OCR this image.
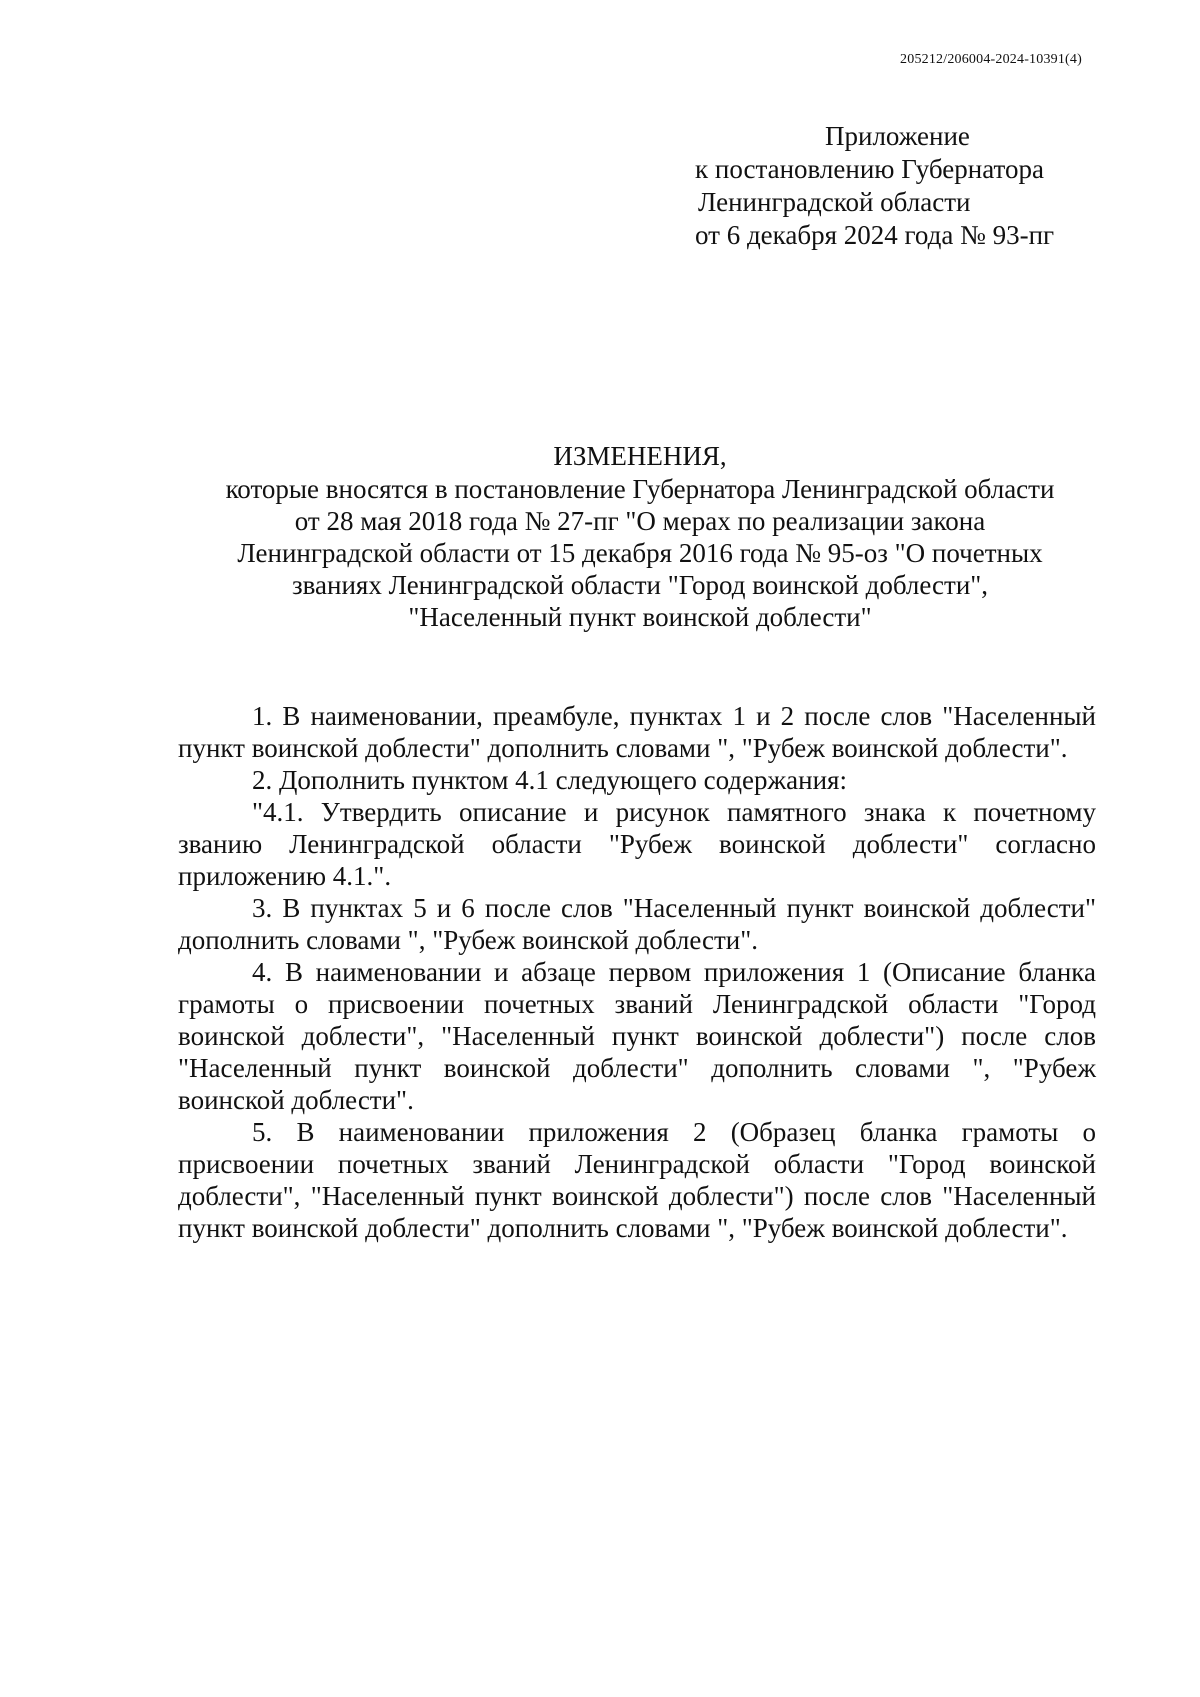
205212/206004-2024-10391(4)
Приложение
к постановлению Губернатора
Ленинградской области
от 6 декабря 2024 года № 93-пг
ИЗМЕНЕНИЯ,
которые вносятся в постановление Губернатора Ленинградской области
от 28 мая 2018 года № 27-пг "О мерах по реализации закона
Ленинградской области от 15 декабря 2016 года № 95-оз "О почетных
званиях Ленинградской области "Город воинской доблести",
"Населенный пункт воинской доблести"

1. В наименовании, преамбуле, пунктах 1 и 2 после слов "Населенный пункт воинской доблести" дополнить словами ", "Рубеж воинской доблести".

2. Дополнить пунктом 4.1 следующего содержания:

"4.1. Утвердить описание и рисунок памятного знака к почетному званию Ленинградской области "Рубеж воинской доблести" согласно приложению 4.1.".

3. В пунктах 5 и 6 после слов "Населенный пункт воинской доблести" дополнить словами ", "Рубеж воинской доблести".

4. В наименовании и абзаце первом приложения 1 (Описание бланка грамоты о присвоении почетных званий Ленинградской области "Город воинской доблести", "Населенный пункт воинской доблести") после слов "Населенный пункт воинской доблести" дополнить словами ", "Рубеж воинской доблести".

5. В наименовании приложения 2 (Образец бланка грамоты о присвоении почетных званий Ленинградской области "Город воинской доблести", "Населенный пункт воинской доблести") после слов "Населенный пункт воинской доблести" дополнить словами ", "Рубеж воинской доблести".
